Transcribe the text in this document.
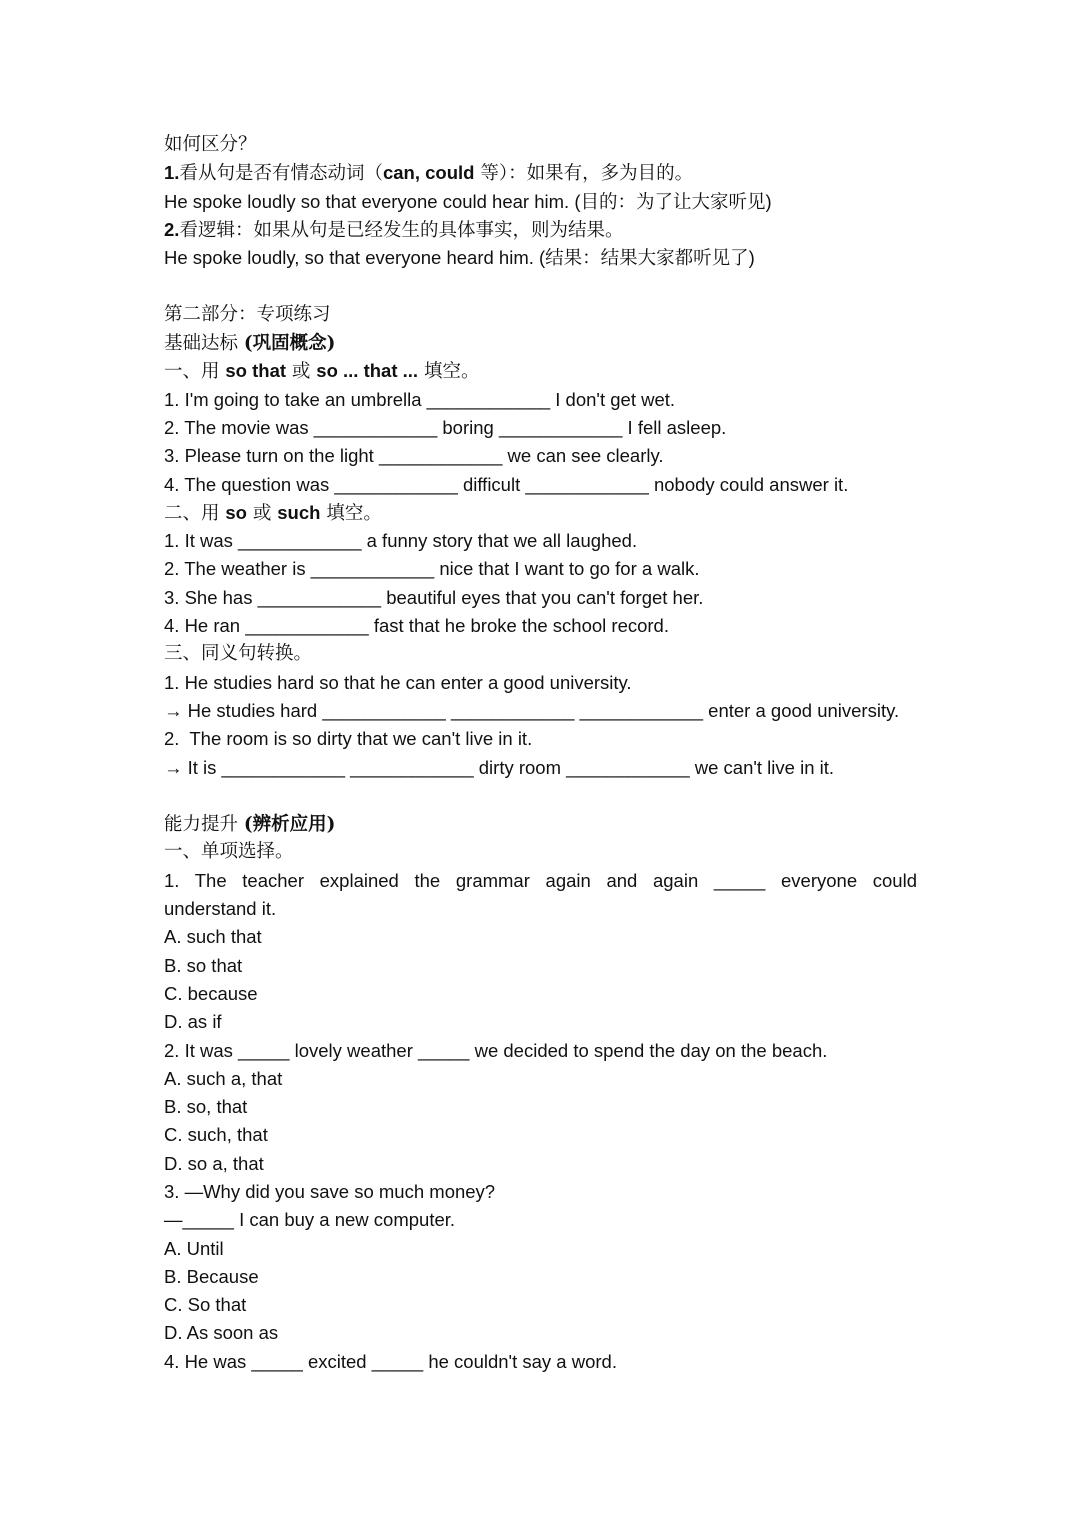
如何区分？
1.看从句是否有情态动词（can, could 等）：如果有，多为目的。
He spoke loudly so that everyone could hear him. (目的：为了让大家听见)
2.看逻辑：如果从句是已经发生的具体事实，则为结果。
He spoke loudly, so that everyone heard him. (结果：结果大家都听见了)
第二部分：专项练习
基础达标 (巩固概念)
一、用 so that 或 so ... that ... 填空。
1. I'm going to take an umbrella ____________ I don't get wet.
2. The movie was ____________ boring ____________ I fell asleep.
3. Please turn on the light ____________ we can see clearly.
4. The question was ____________ difficult ____________ nobody could answer it.
二、用 so 或 such 填空。
1. It was ____________ a funny story that we all laughed.
2. The weather is ____________ nice that I want to go for a walk.
3. She has ____________ beautiful eyes that you can't forget her.
4. He ran ____________ fast that he broke the school record.
三、同义句转换。
1. He studies hard so that he can enter a good university.
→ He studies hard ____________ ____________ ____________ enter a good university.
2.  The room is so dirty that we can't live in it.
→ It is ____________ ____________ dirty room ____________ we can't live in it.
能力提升 (辨析应用)
一、单项选择。
1. The teacher explained the grammar again and again _____ everyone could
understand it.
A. such that
B. so that
C. because
D. as if
2. It was _____ lovely weather _____ we decided to spend the day on the beach.
A. such a, that
B. so, that
C. such, that
D. so a, that
3. —Why did you save so much money?
—_____ I can buy a new computer.
A. Until
B. Because
C. So that
D. As soon as
4. He was _____ excited _____ he couldn't say a word.
